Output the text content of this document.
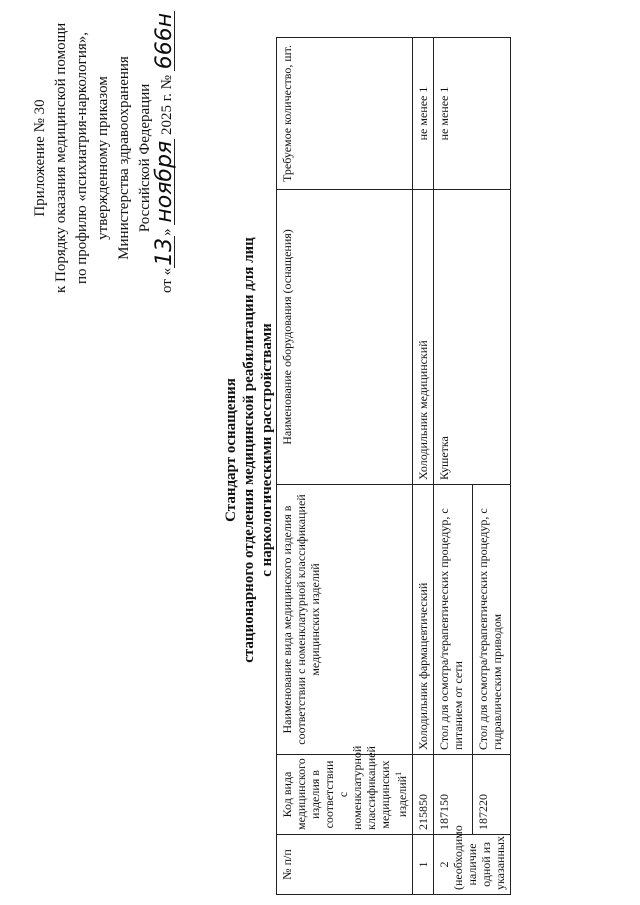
Приложение № 30 к Порядку оказания медицинской помощи по профилю «психиатрия-наркология», утвержденному приказом Министерства здравоохранения Российской Федерации
от «13» ноября 2025 г. № 666н
Стандарт оснащения стационарного отделения медицинской реабилитации для лиц с наркологическими расстройствами
№ п/п	Код вида медицинского изделия в соответствии с номенклатурной классификацией медицинских изделий$^1$	Наименование вида медицинского изделия в соответствии с номенклатурной классификацией медицинских изделий	Наименование оборудования (оснащения)	Требуемое количество, шт.
1	215850	Холодильник фармацевтический	Холодильник медицинский	не менее 1
2 (необходимо наличие одной из указанных	187150	Стол для осмотра/терапевтических процедур, с питанием от сети	Кушетка	не менее 1
	187220	Стол для осмотра/терапевтических процедур, с гидравлическим приводом		
